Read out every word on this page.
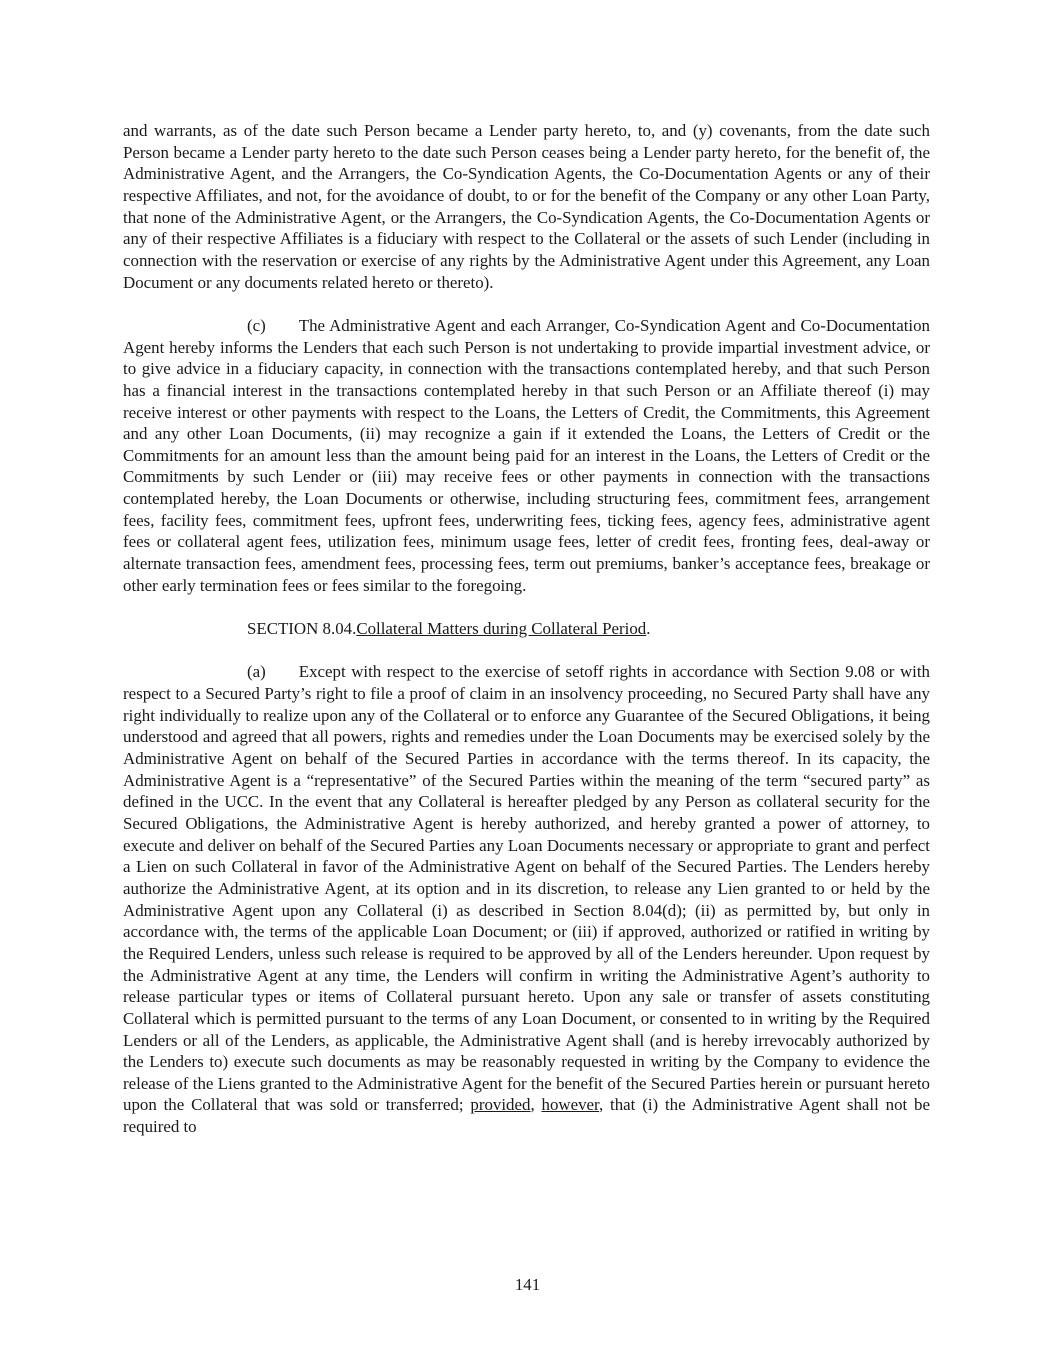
and warrants, as of the date such Person became a Lender party hereto, to, and (y) covenants, from the date such Person became a Lender party hereto to the date such Person ceases being a Lender party hereto, for the benefit of, the Administrative Agent, and the Arrangers, the Co-Syndication Agents, the Co-Documentation Agents or any of their respective Affiliates, and not, for the avoidance of doubt, to or for the benefit of the Company or any other Loan Party, that none of the Administrative Agent, or the Arrangers, the Co-Syndication Agents, the Co-Documentation Agents or any of their respective Affiliates is a fiduciary with respect to the Collateral or the assets of such Lender (including in connection with the reservation or exercise of any rights by the Administrative Agent under this Agreement, any Loan Document or any documents related hereto or thereto).

(c) The Administrative Agent and each Arranger, Co-Syndication Agent and Co-Documentation Agent hereby informs the Lenders that each such Person is not undertaking to provide impartial investment advice, or to give advice in a fiduciary capacity, in connection with the transactions contemplated hereby, and that such Person has a financial interest in the transactions contemplated hereby in that such Person or an Affiliate thereof (i) may receive interest or other payments with respect to the Loans, the Letters of Credit, the Commitments, this Agreement and any other Loan Documents, (ii) may recognize a gain if it extended the Loans, the Letters of Credit or the Commitments for an amount less than the amount being paid for an interest in the Loans, the Letters of Credit or the Commitments by such Lender or (iii) may receive fees or other payments in connection with the transactions contemplated hereby, the Loan Documents or otherwise, including structuring fees, commitment fees, arrangement fees, facility fees, commitment fees, upfront fees, underwriting fees, ticking fees, agency fees, administrative agent fees or collateral agent fees, utilization fees, minimum usage fees, letter of credit fees, fronting fees, deal-away or alternate transaction fees, amendment fees, processing fees, term out premiums, banker’s acceptance fees, breakage or other early termination fees or fees similar to the foregoing.

SECTION 8.04.Collateral Matters during Collateral Period.

(a) Except with respect to the exercise of setoff rights in accordance with Section 9.08 or with respect to a Secured Party’s right to file a proof of claim in an insolvency proceeding, no Secured Party shall have any right individually to realize upon any of the Collateral or to enforce any Guarantee of the Secured Obligations, it being understood and agreed that all powers, rights and remedies under the Loan Documents may be exercised solely by the Administrative Agent on behalf of the Secured Parties in accordance with the terms thereof. In its capacity, the Administrative Agent is a “representative” of the Secured Parties within the meaning of the term “secured party” as defined in the UCC. In the event that any Collateral is hereafter pledged by any Person as collateral security for the Secured Obligations, the Administrative Agent is hereby authorized, and hereby granted a power of attorney, to execute and deliver on behalf of the Secured Parties any Loan Documents necessary or appropriate to grant and perfect a Lien on such Collateral in favor of the Administrative Agent on behalf of the Secured Parties. The Lenders hereby authorize the Administrative Agent, at its option and in its discretion, to release any Lien granted to or held by the Administrative Agent upon any Collateral (i) as described in Section 8.04(d); (ii) as permitted by, but only in accordance with, the terms of the applicable Loan Document; or (iii) if approved, authorized or ratified in writing by the Required Lenders, unless such release is required to be approved by all of the Lenders hereunder. Upon request by the Administrative Agent at any time, the Lenders will confirm in writing the Administrative Agent’s authority to release particular types or items of Collateral pursuant hereto. Upon any sale or transfer of assets constituting Collateral which is permitted pursuant to the terms of any Loan Document, or consented to in writing by the Required Lenders or all of the Lenders, as applicable, the Administrative Agent shall (and is hereby irrevocably authorized by the Lenders to) execute such documents as may be reasonably requested in writing by the Company to evidence the release of the Liens granted to the Administrative Agent for the benefit of the Secured Parties herein or pursuant hereto upon the Collateral that was sold or transferred; provided, however, that (i) the Administrative Agent shall not be required to

141
